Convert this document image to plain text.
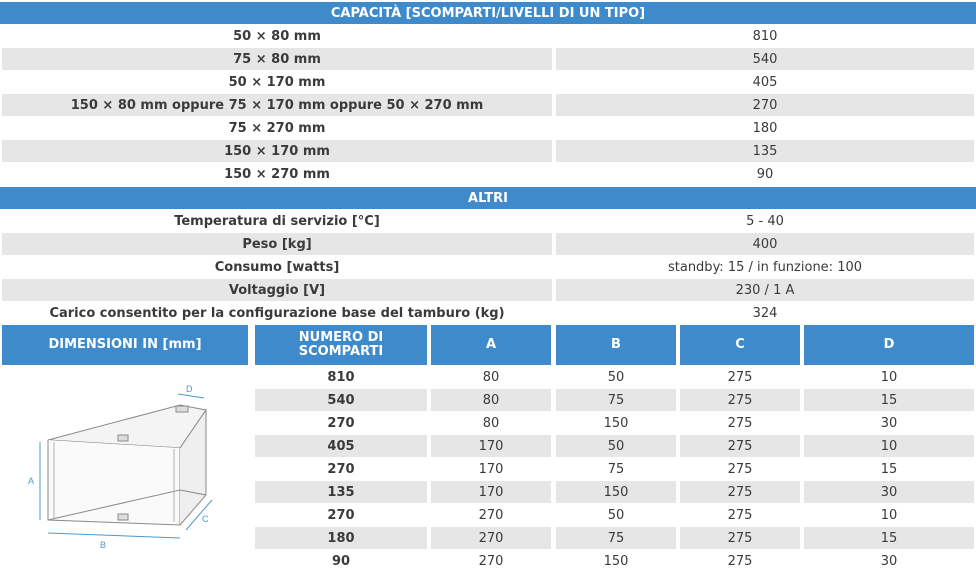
CAPACITÀ [SCOMPARTI/LIVELLI DI UN TIPO]
50 × 80 mm	810
75 × 80 mm	540
50 × 170 mm	405
150 × 80 mm oppure 75 × 170 mm oppure 50 × 270 mm	270
75 × 270 mm	180
150 × 170 mm	135
150 × 270 mm	90
ALTRI
Temperatura di servizio [°C]	5 - 40
Peso [kg]	400
Consumo [watts]	standby: 15 / in funzione: 100
Voltaggio [V]	230 / 1 A
Carico consentito per la configurazione base del tamburo (kg)	324
DIMENSIONI IN [mm]	NUMERO DI SCOMPARTI	A	B	C	D
810	80	50	275	10
540	80	75	275	15
270	80	150	275	30
405	170	50	275	10
270	170	75	275	15
135	170	150	275	30
270	270	50	275	10
180	270	75	275	15
90	270	150	275	30
A
B
C
D
